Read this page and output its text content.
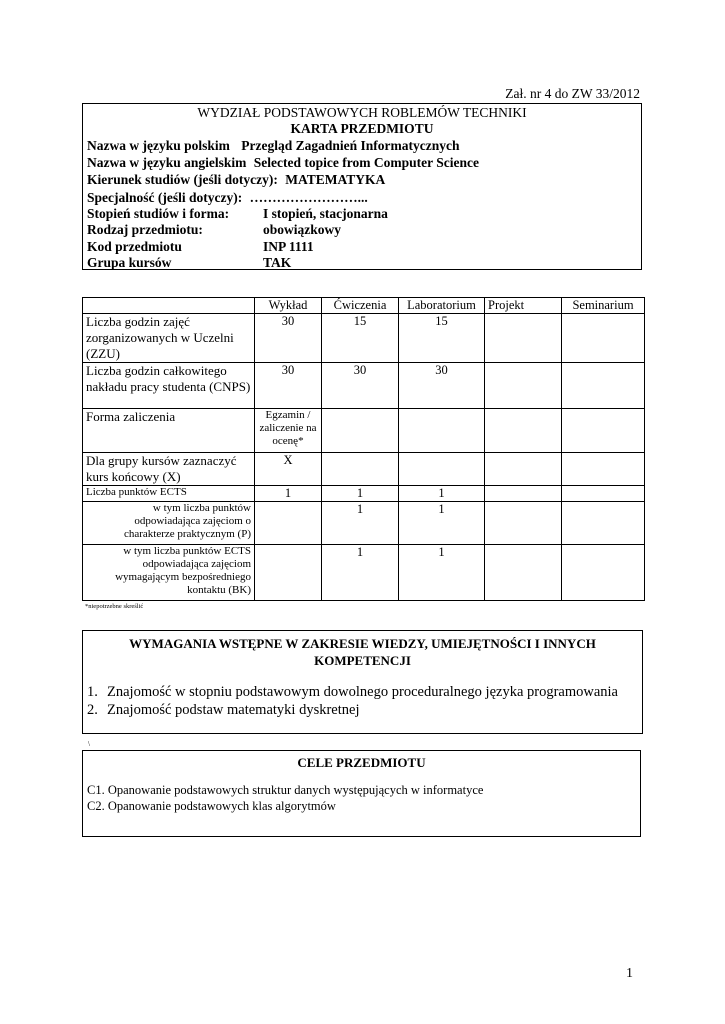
Zał. nr 4 do ZW 33/2012
WYDZIAŁ PODSTAWOWYCH ROBLEMÓW TECHNIKI
KARTA PRZEDMIOTU
Nazwa w języku polskim Przegląd Zagadnień Informatycznych
Nazwa w języku angielskim Selected topice from Computer Science
Kierunek studiów (jeśli dotyczy): MATEMATYKA
Specjalność (jeśli dotyczy): ……………………...
Stopień studiów i forma:	I stopień, stacjonarna
Rodzaj przedmiotu:	obowiązkowy
Kod przedmiotu	INP 1111
Grupa kursów	TAK
	Wykład	Ćwiczenia	Laboratorium	Projekt	Seminarium
Liczba godzin zajęć zorganizowanych w Uczelni (ZZU)	30	15	15		
Liczba godzin całkowitego nakładu pracy studenta (CNPS)	30	30	30		
Forma zaliczenia	Egzamin / zaliczenie na ocenę*				
Dla grupy kursów zaznaczyć kurs końcowy (X)	X				
Liczba punktów ECTS	1	1	1		
w tym liczba punktów odpowiadająca zajęciom o charakterze praktycznym (P)		1	1		
w tym liczba punktów ECTS odpowiadająca zajęciom wymagającym bezpośredniego kontaktu (BK)		1	1		
*niepotrzebne skreślić
WYMAGANIA WSTĘPNE W ZAKRESIE WIEDZY, UMIEJĘTNOŚCI I INNYCH KOMPETENCJI
1. Znajomość w stopniu podstawowym dowolnego proceduralnego języka programowania
2. Znajomość podstaw matematyki dyskretnej
\
CELE PRZEDMIOTU
C1. Opanowanie podstawowych struktur danych występujących w informatyce
C2. Opanowanie podstawowych klas algorytmów
1
